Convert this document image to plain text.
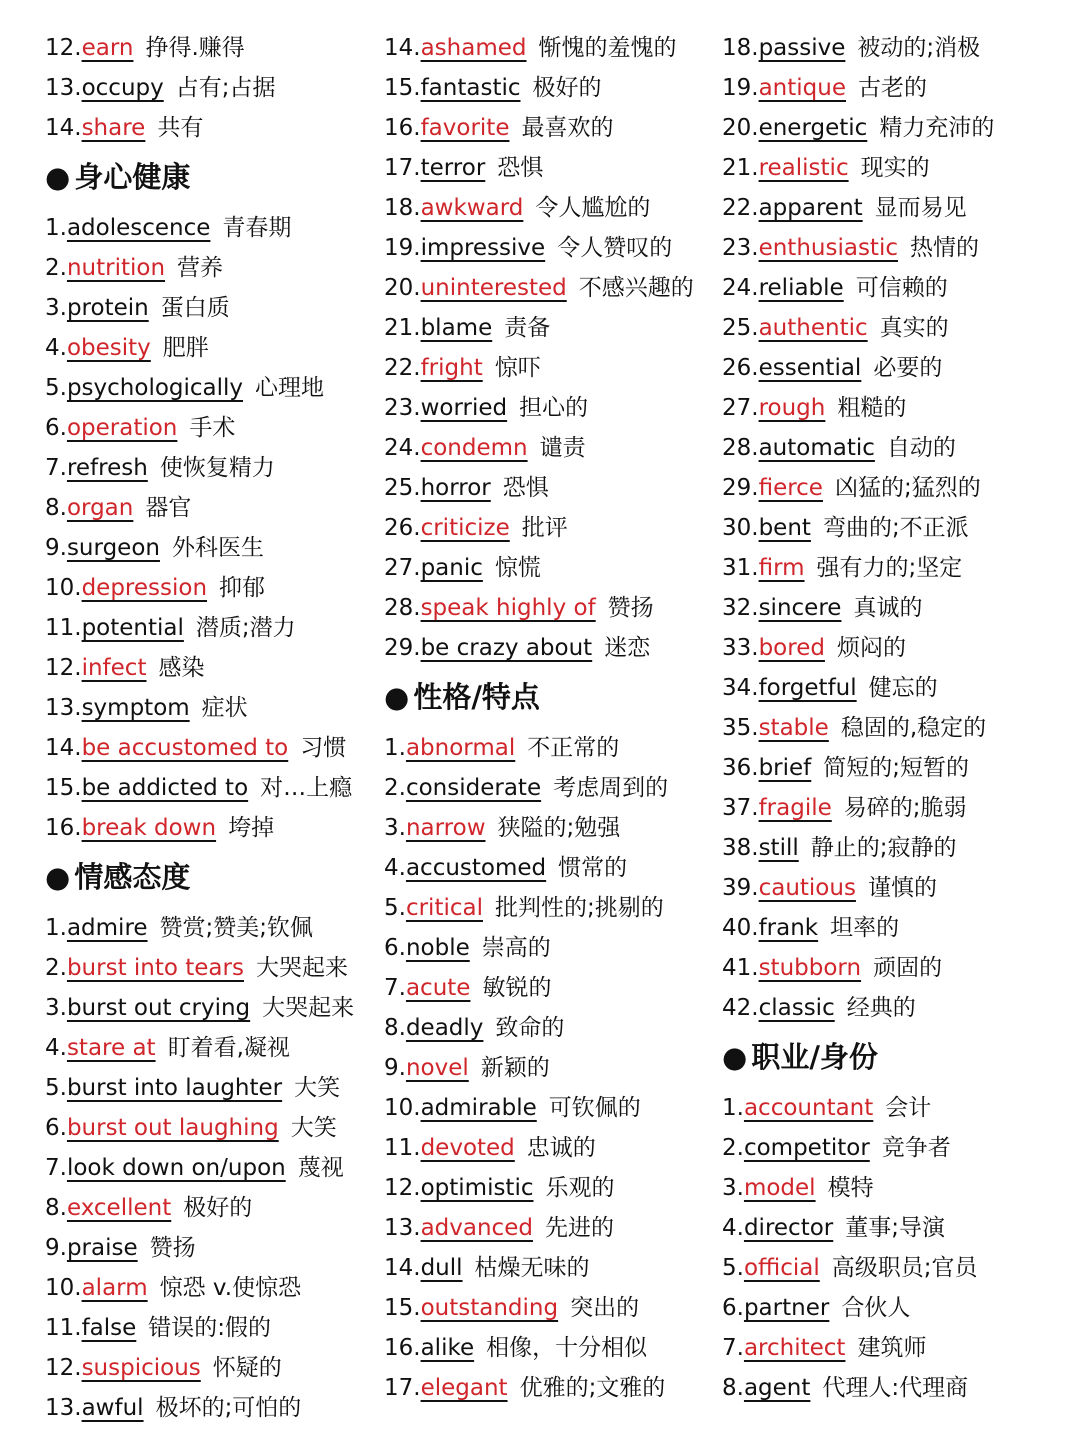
12.earn 挣得.赚得
13.occupy 占有;占据
14.share 共有
● 身心健康
1.adolescence 青春期
2.nutrition 营养
3.protein 蛋白质
4.obesity 肥胖
5.psychologically 心理地
6.operation 手术
7.refresh 使恢复精力
8.organ 器官
9.surgeon 外科医生
10.depression 抑郁
11.potential 潜质;潜力
12.infect 感染
13.symptom 症状
14.be accustomed to 习惯
15.be addicted to 对…上瘾
16.break down 垮掉
● 情感态度
1.admire 赞赏;赞美;钦佩
2.burst into tears 大哭起来
3.burst out crying 大哭起来
4.stare at 盯着看,凝视
5.burst into laughter 大笑
6.burst out laughing 大笑
7.look down on/upon 蔑视
8.excellent 极好的
9.praise 赞扬
10.alarm 惊恐 v.使惊恐
11.false 错误的:假的
12.suspicious 怀疑的
13.awful 极坏的;可怕的
14.ashamed 惭愧的羞愧的
15.fantastic 极好的
16.favorite 最喜欢的
17.terror 恐惧
18.awkward 令人尴尬的
19.impressive 令人赞叹的
20.uninterested 不感兴趣的
21.blame 责备
22.fright 惊吓
23.worried 担心的
24.condemn 谴责
25.horror 恐惧
26.criticize 批评
27.panic 惊慌
28.speak highly of 赞扬
29.be crazy about 迷恋
● 性格/特点
1.abnormal 不正常的
2.considerate 考虑周到的
3.narrow 狭隘的;勉强
4.accustomed 惯常的
5.critical 批判性的;挑剔的
6.noble 崇高的
7.acute 敏锐的
8.deadly 致命的
9.novel 新颖的
10.admirable 可钦佩的
11.devoted 忠诚的
12.optimistic 乐观的
13.advanced 先进的
14.dull 枯燥无味的
15.outstanding 突出的
16.alike 相像，十分相似
17.elegant 优雅的;文雅的
18.passive 被动的;消极
19.antique 古老的
20.energetic 精力充沛的
21.realistic 现实的
22.apparent 显而易见
23.enthusiastic 热情的
24.reliable 可信赖的
25.authentic 真实的
26.essential 必要的
27.rough 粗糙的
28.automatic 自动的
29.fierce 凶猛的;猛烈的
30.bent 弯曲的;不正派
31.firm 强有力的;坚定
32.sincere 真诚的
33.bored 烦闷的
34.forgetful 健忘的
35.stable 稳固的,稳定的
36.brief 简短的;短暂的
37.fragile 易碎的;脆弱
38.still 静止的;寂静的
39.cautious 谨慎的
40.frank 坦率的
41.stubborn 顽固的
42.classic 经典的
● 职业/身份
1.accountant 会计
2.competitor 竞争者
3.model 模特
4.director 董事;导演
5.official 高级职员;官员
6.partner 合伙人
7.architect 建筑师
8.agent 代理人:代理商
